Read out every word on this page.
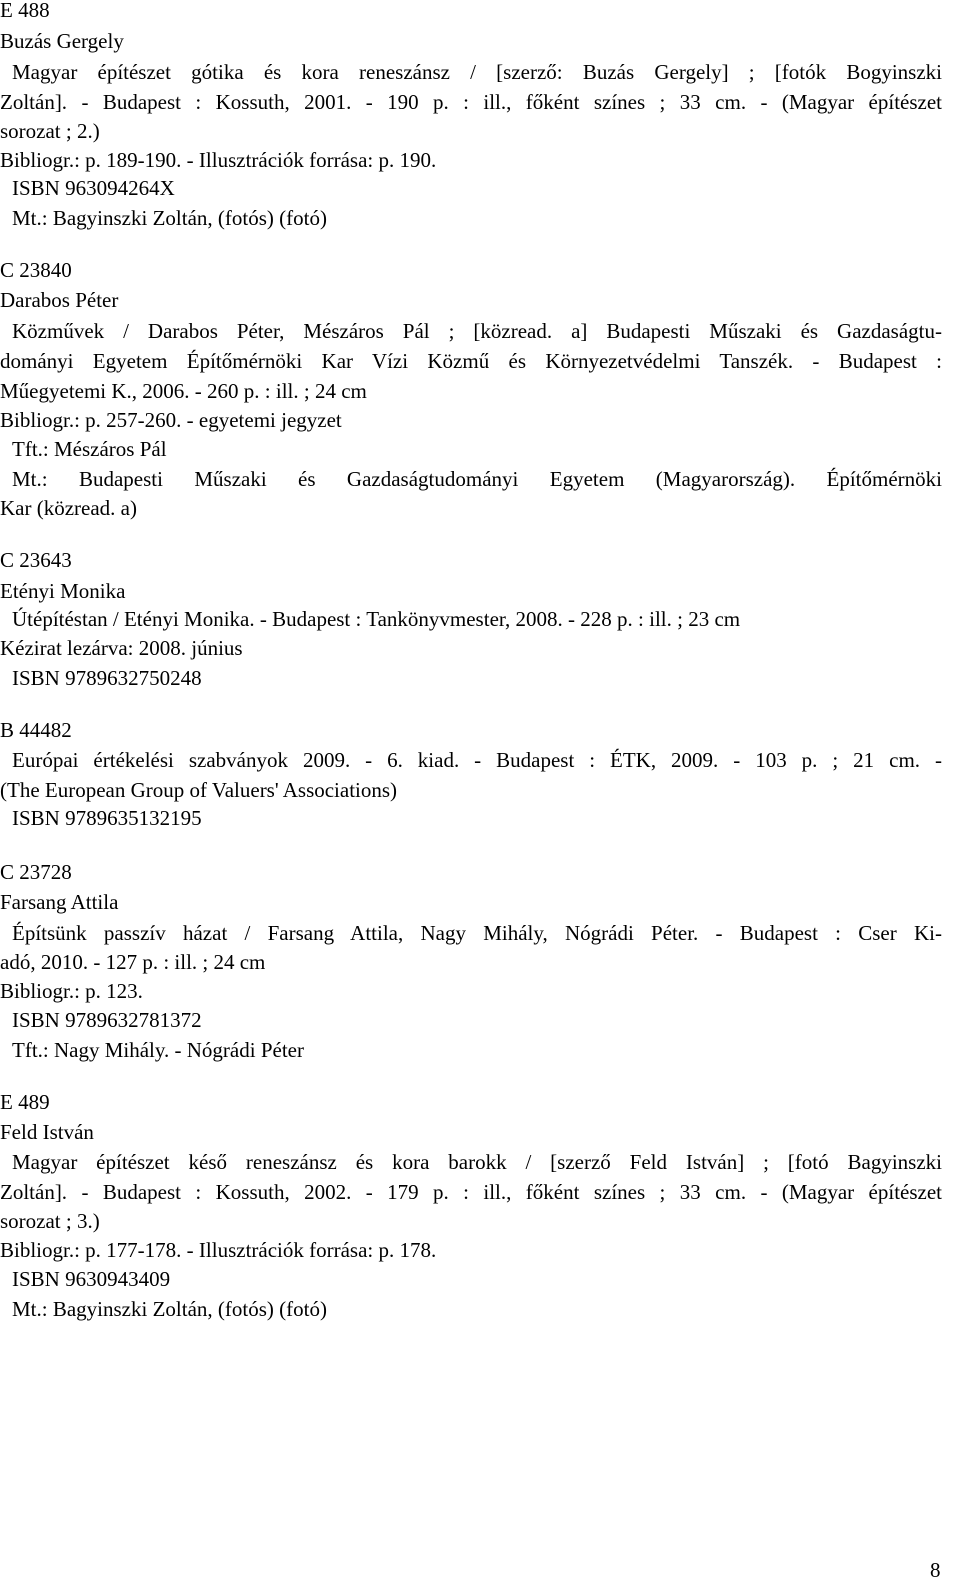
E 488
Buzás Gergely
Magyar építészet gótika és kora reneszánsz / [szerző: Buzás Gergely] ; [fotók Bogyinszki
Zoltán]. - Budapest : Kossuth, 2001. - 190 p. : ill., főként színes ; 33 cm. - (Magyar építészet
sorozat ; 2.)
Bibliogr.: p. 189-190. - Illusztrációk forrása: p. 190.
ISBN 963094264X
Mt.: Bagyinszki Zoltán, (fotós) (fotó)
C 23840
Darabos Péter
Közművek / Darabos Péter, Mészáros Pál ; [közread. a] Budapesti Műszaki és Gazdaságtu-
dományi Egyetem Építőmérnöki Kar Vízi Közmű és Környezetvédelmi Tanszék. - Budapest :
Műegyetemi K., 2006. - 260 p. : ill. ; 24 cm
Bibliogr.: p. 257-260. - egyetemi jegyzet
Tft.: Mészáros Pál
Mt.: Budapesti Műszaki és Gazdaságtudományi Egyetem (Magyarország). Építőmérnöki
Kar (közread. a)
C 23643
Etényi Monika
Útépítéstan / Etényi Monika. - Budapest : Tankönyvmester, 2008. - 228 p. : ill. ; 23 cm
Kézirat lezárva: 2008. június
ISBN 9789632750248
B 44482
Európai értékelési szabványok 2009. - 6. kiad. - Budapest : ÉTK, 2009. - 103 p. ; 21 cm. -
(The European Group of Valuers' Associations)
ISBN 9789635132195
C 23728
Farsang Attila
Építsünk passzív házat / Farsang Attila, Nagy Mihály, Nógrádi Péter. - Budapest : Cser Ki-
adó, 2010. - 127 p. : ill. ; 24 cm
Bibliogr.: p. 123.
ISBN 9789632781372
Tft.: Nagy Mihály. - Nógrádi Péter
E 489
Feld István
Magyar építészet késő reneszánsz és kora barokk / [szerző Feld István] ; [fotó Bagyinszki
Zoltán]. - Budapest : Kossuth, 2002. - 179 p. : ill., főként színes ; 33 cm. - (Magyar építészet
sorozat ; 3.)
Bibliogr.: p. 177-178. - Illusztrációk forrása: p. 178.
ISBN 9630943409
Mt.: Bagyinszki Zoltán, (fotós) (fotó)
8
